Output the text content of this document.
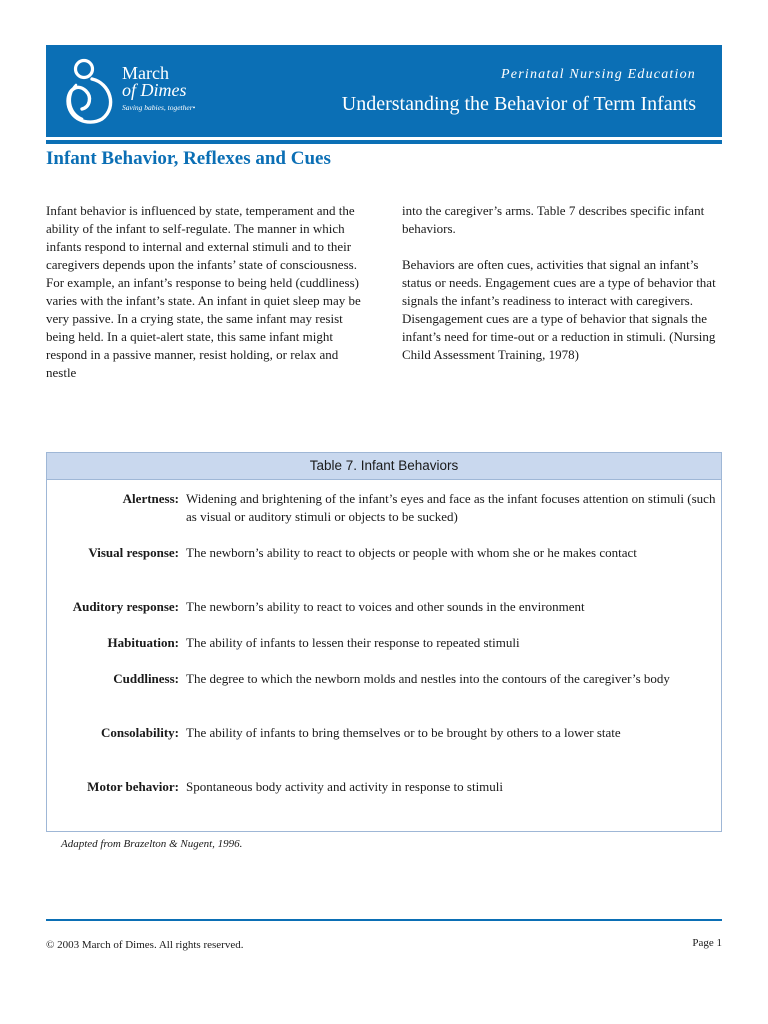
March
of Dimes
Saving babies, together•
Perinatal Nursing Education
Understanding the Behavior of Term Infants
Infant Behavior, Reflexes and Cues

Infant behavior is influenced by state, temperament and the ability of the infant to self-regulate. The manner in which infants respond to internal and external stimuli and to their caregivers depends upon the infants’ state of consciousness. For example, an infant’s response to being held (cuddliness) varies with the infant’s state. An infant in quiet sleep may be very passive. In a crying state, the same infant may resist being held. In a quiet-alert state, this same infant might respond in a passive manner, resist holding, or relax and nestle

into the caregiver’s arms. Table 7 describes specific infant behaviors.

Behaviors are often cues, activities that signal an infant’s status or needs. Engagement cues are a type of behavior that signals the infant’s readiness to interact with caregivers. Disengagement cues are a type of behavior that signals the infant’s need for time-out or a reduction in stimuli. (Nursing Child Assessment Training, 1978)

Table 7. Infant Behaviors
Alertness: Widening and brightening of the infant’s eyes and face as the infant focuses attention on stimuli (such as visual or auditory stimuli or objects to be sucked)
Visual response: The newborn’s ability to react to objects or people with whom she or he makes contact
Auditory response: The newborn’s ability to react to voices and other sounds in the environment
Habituation: The ability of infants to lessen their response to repeated stimuli
Cuddliness: The degree to which the newborn molds and nestles into the contours of the caregiver’s body
Consolability: The ability of infants to bring themselves or to be brought by others to a lower state
Motor behavior: Spontaneous body activity and activity in response to stimuli
Adapted from Brazelton & Nugent, 1996.
© 2003 March of Dimes. All rights reserved.	Page 1
